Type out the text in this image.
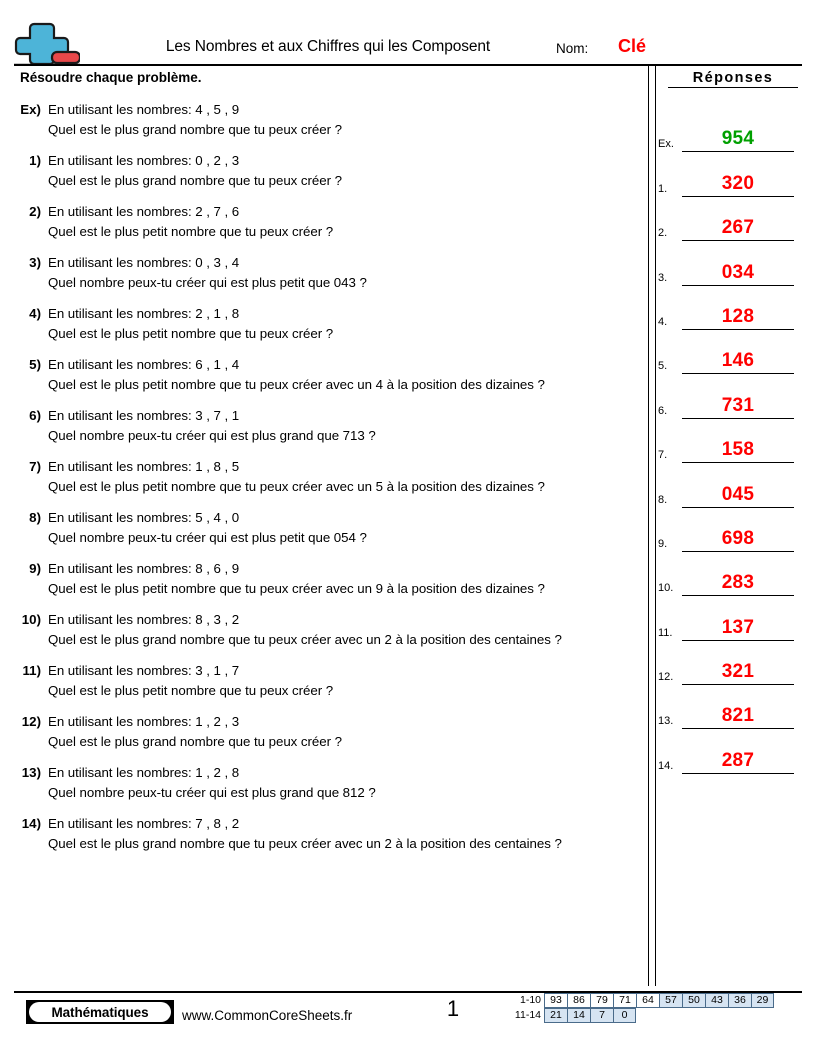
Les Nombres et aux Chiffres qui les Composent	Nom: Clé
Résoudre chaque problème.	Réponses
Ex) En utilisant les nombres: 4 , 5 , 9
Quel est le plus grand nombre que tu peux créer ?
1) En utilisant les nombres: 0 , 2 , 3
Quel est le plus grand nombre que tu peux créer ?
2) En utilisant les nombres: 2 , 7 , 6
Quel est le plus petit nombre que tu peux créer ?
3) En utilisant les nombres: 0 , 3 , 4
Quel nombre peux-tu créer qui est plus petit que 043 ?
4) En utilisant les nombres: 2 , 1 , 8
Quel est le plus petit nombre que tu peux créer ?
5) En utilisant les nombres: 6 , 1 , 4
Quel est le plus petit nombre que tu peux créer avec un 4 à la position des dizaines ?
6) En utilisant les nombres: 3 , 7 , 1
Quel nombre peux-tu créer qui est plus grand que 713 ?
7) En utilisant les nombres: 1 , 8 , 5
Quel est le plus petit nombre que tu peux créer avec un 5 à la position des dizaines ?
8) En utilisant les nombres: 5 , 4 , 0
Quel nombre peux-tu créer qui est plus petit que 054 ?
9) En utilisant les nombres: 8 , 6 , 9
Quel est le plus petit nombre que tu peux créer avec un 9 à la position des dizaines ?
10) En utilisant les nombres: 8 , 3 , 2
Quel est le plus grand nombre que tu peux créer avec un 2 à la position des centaines ?
11) En utilisant les nombres: 3 , 1 , 7
Quel est le plus petit nombre que tu peux créer ?
12) En utilisant les nombres: 1 , 2 , 3
Quel est le plus grand nombre que tu peux créer ?
13) En utilisant les nombres: 1 , 2 , 8
Quel nombre peux-tu créer qui est plus grand que 812 ?
14) En utilisant les nombres: 7 , 8 , 2
Quel est le plus grand nombre que tu peux créer avec un 2 à la position des centaines ?
Ex.	954
1.	320
2.	267
3.	034
4.	128
5.	146
6.	731
7.	158
8.	045
9.	698
10.	283
11.	137
12.	321
13.	821
14.	287
Mathématiques www.CommonCoreSheets.fr	1	1-10 93	86	79	71	64	57	50	43	36	29
11-14 21	14	7	0
